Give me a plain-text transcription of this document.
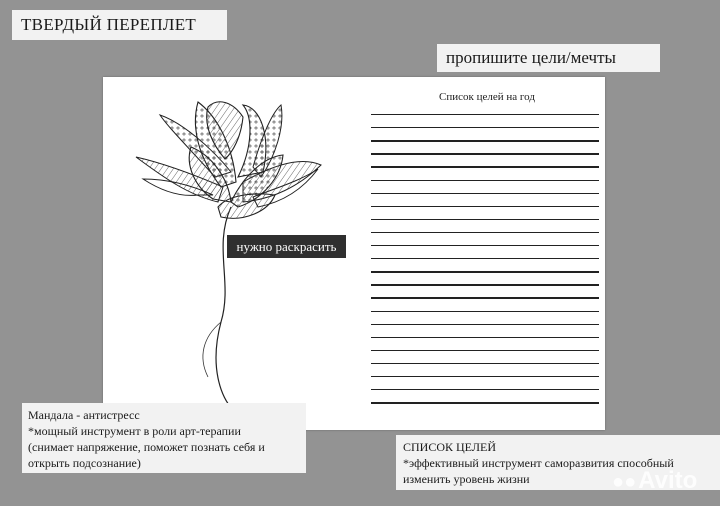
ТВЕРДЫЙ ПЕРЕПЛЕТ
пропишите цели/мечты
Список целей на год
нужно раскрасить
Мандала - антистресс
*мощный инструмент в роли арт-терапии
(снимает напряжение, поможет познать себя и
открыть подсознание)
СПИСОК ЦЕЛЕЙ
*эффективный инструмент саморазвития способный
изменить уровень жизни	●●Avito
